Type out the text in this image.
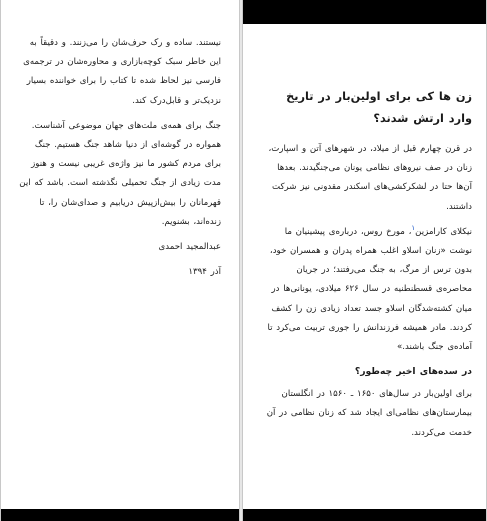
نیستند. ساده و رک حرف‌شان را می‌زنند. و دقیقاً به این خاطر سبک کوچه‌بازاری و محاوره‌شان در ترجمه‌ی فارسی نیز لحاظ شده تا کتاب را برای خواننده بسیار نزدیک‌تر و قابل‌درک کند.

جنگ برای همه‌ی ملت‌های جهان موضوعی آشناست. همواره در گوشه‌ای از دنیا شاهد جنگ هستیم. جنگ برای مردم کشور ما نیز واژه‌ی غریبی نیست و هنوز مدت زیادی از جنگ تحمیلی نگذشته است. باشد که این قهرمانان را بیش‌ازپیش دریابیم و صدای‌شان را، تا زنده‌اند، بشنویم.

عبدالمجید احمدی

آذر ۱۳۹۴

زن ها کی برای اولین‌بار در تاریخ وارد ارتش شدند؟

در قرن چهارم قبل از میلاد، در شهرهای آتن و اسپارت، زنان در صف نیروهای نظامی یونان می‌جنگیدند. بعدها آن‌ها حتا در لشکرکشی‌های اسکندر مقدونی نیز شرکت داشتند.

نیکلای کارامزین$^۱$، مورخ روس، درباره‌ی پیشینیان ما نوشت «زنان اسلاو اغلب همراه پدران و همسران خود، بدون ترس از مرگ، به جنگ می‌رفتند؛ در جریان محاصره‌ی قسطنطنیه در سال ۶۲۶ میلادی، یونانی‌ها در میان کشته‌شدگان اسلاو جسد تعداد زیادی زن را کشف کردند. مادر همیشه فرزندانش را جوری تربیت می‌کرد تا آماده‌ی جنگ باشند.»

در سده‌های اخیر چه‌طور؟

برای اولین‌بار در سال‌های ۱۶۵۰ ـ ۱۵۶۰ در انگلستان بیمارستان‌های نظامی‌ای ایجاد شد که زنان نظامی در آن خدمت می‌کردند.
